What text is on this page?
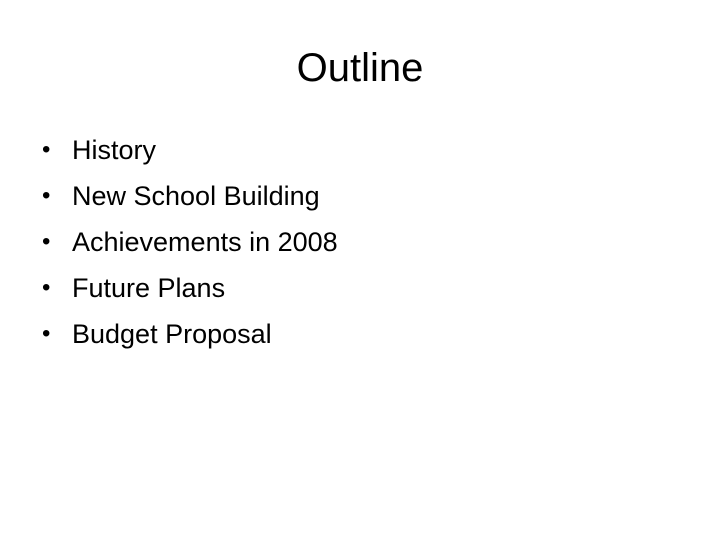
Outline
• History
• New School Building
• Achievements in 2008
• Future Plans
• Budget Proposal
